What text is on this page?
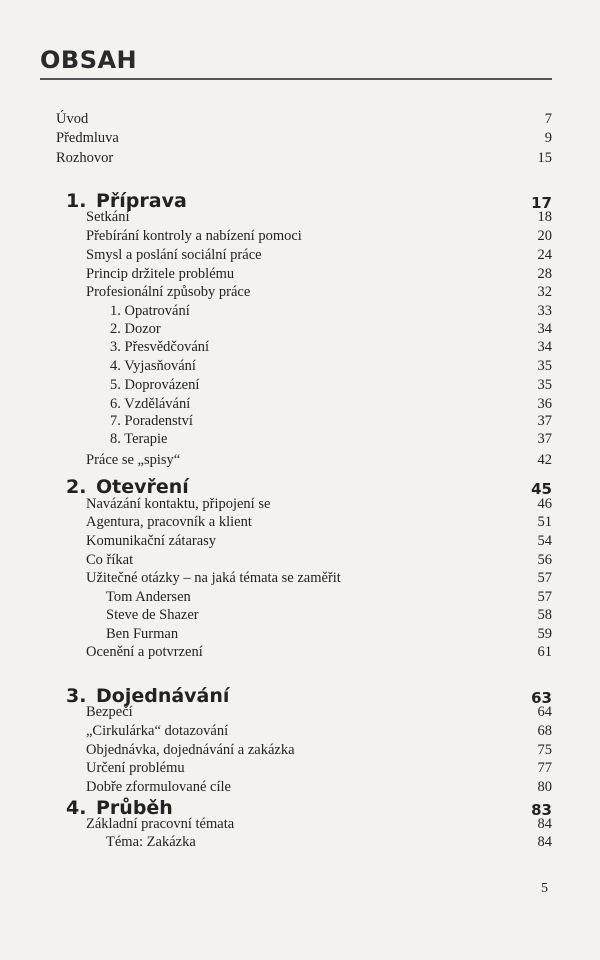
OBSAH
Úvod	7
Předmluva	9
Rozhovor	15
1. Příprava	17
Setkání	18
Přebírání kontroly a nabízení pomoci	20
Smysl a poslání sociální práce	24
Princip držitele problému	28
Profesionální způsoby práce	32
1. Opatrování	33
2. Dozor	34
3. Přesvědčování	34
4. Vyjasňování	35
5. Doprovázení	35
6. Vzdělávání	36
7. Poradenství	37
8. Terapie	37
Práce se „spisy“	42
2. Otevření	45
Navázání kontaktu, připojení se	46
Agentura, pracovník a klient	51
Komunikační zátarasy	54
Co říkat	56
Užitečné otázky – na jaká témata se zaměřit	57
Tom Andersen	57
Steve de Shazer	58
Ben Furman	59
Ocenění a potvrzení	61
3. Dojednávání	63
Bezpečí	64
„Cirkulárka“ dotazování	68
Objednávka, dojednávání a zakázka	75
Určení problému	77
Dobře zformulované cíle	80
4. Průběh	83
Základní pracovní témata	84
Téma: Zakázka	84
5
